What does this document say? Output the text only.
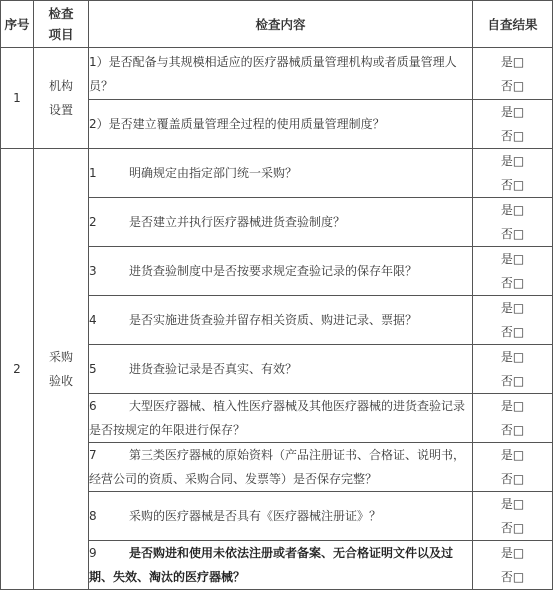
序号	检查项目	检查内容	自查结果
1	机构设置	1）是否配备与其规模相适应的医疗器械质量管理机构或者质量管理人员？	是□
否□

		2）是否建立覆盖质量管理全过程的使用质量管理制度？	是□
否□

2	采购验收	1 明确规定由指定部门统一采购？	是□
否□

		2 是否建立并执行医疗器械进货查验制度？	是□
否□

		3 进货查验制度中是否按要求规定查验记录的保存年限？	是□
否□

		4 是否实施进货查验并留存相关资质、购进记录、票据？	是□
否□

		5 进货查验记录是否真实、有效？	是□
否□

		6 大型医疗器械、植入性医疗器械及其他医疗器械的进货查验记录是否按规定的年限进行保存？	是□
否□

		7 第三类医疗器械的原始资料（产品注册证书、合格证、说明书，经营公司的资质、采购合同、发票等）是否保存完整？	是□
否□

		8 采购的医疗器械是否具有《医疗器械注册证》？	是□
否□

		9 是否购进和使用未依法注册或者备案、无合格证明文件以及过期、失效、淘汰的医疗器械？	是□
否□
